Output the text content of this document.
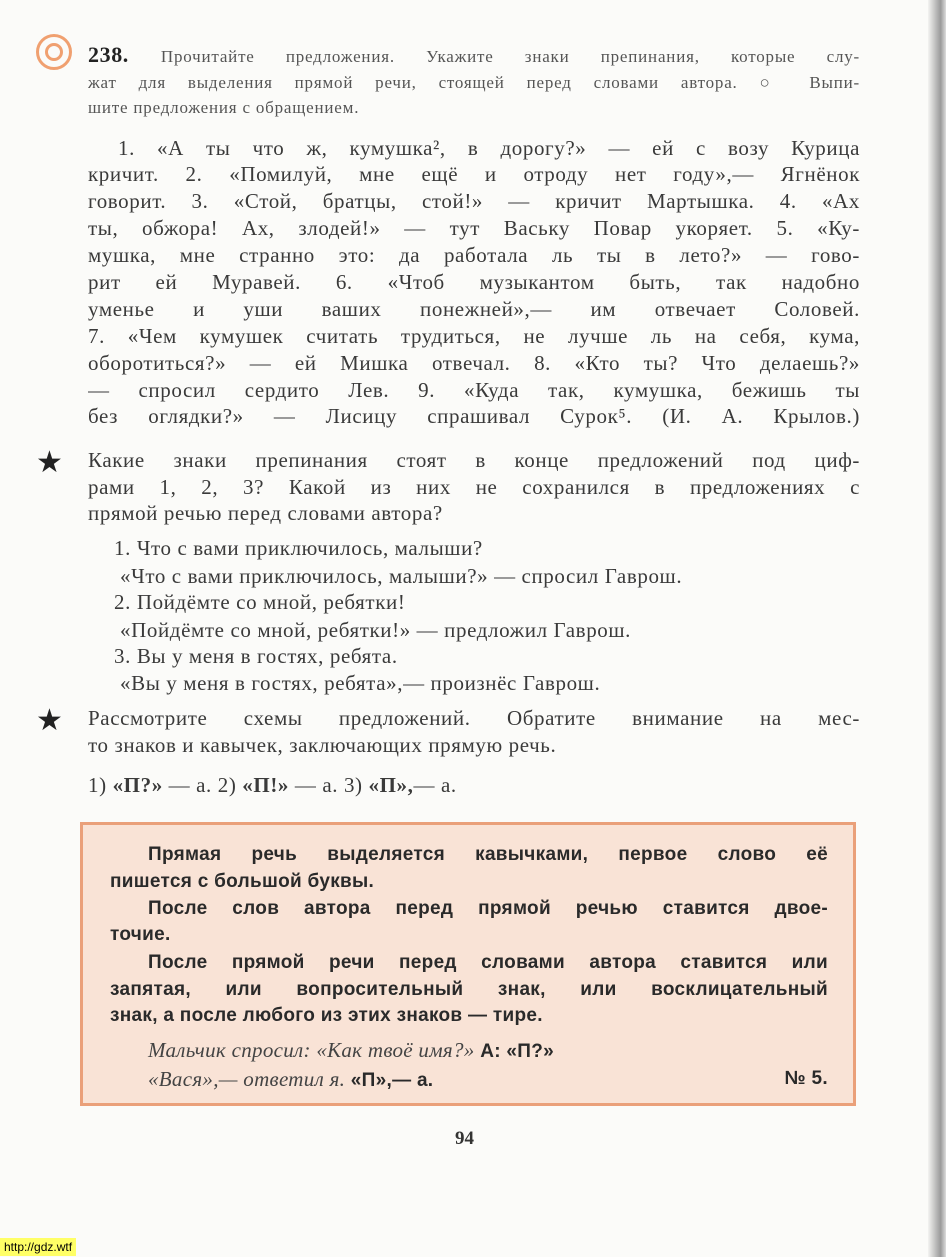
238. Прочитайте предложения. Укажите знаки препинания, которые слу-
жат для выделения прямой речи, стоящей перед словами автора. ○ Выпи-
шите предложения с обращением.
1. «А ты что ж, кумушка², в дорогу?» — ей с возу Курица
кричит. 2. «Помилуй, мне ещё и отроду нет году»,— Ягнёнок
говорит. 3. «Стой, братцы, стой!» — кричит Мартышка. 4. «Ах
ты, обжора! Ах, злодей!» — тут Ваську Повар укоряет. 5. «Ку-
мушка, мне странно это: да работала ль ты в лето?» — гово-
рит ей Муравей. 6. «Чтоб музыкантом быть, так надобно
уменье и уши ваших понежней»,— им отвечает Соловей.
7. «Чем кумушек считать трудиться, не лучше ль на себя, кума,
оборотиться?» — ей Мишка отвечал. 8. «Кто ты? Что делаешь?»
— спросил сердито Лев. 9. «Куда так, кумушка, бежишь ты
без оглядки?» — Лисицу спрашивал Сурок⁵. (И. А. Крылов.)
★ Какие знаки препинания стоят в конце предложений под циф-
рами 1, 2, 3? Какой из них не сохранился в предложениях с
прямой речью перед словами автора?
1. Что с вами приключилось, малыши?
«Что с вами приключилось, малыши?» — спросил Гаврош.
2. Пойдёмте со мной, ребятки!
«Пойдёмте со мной, ребятки!» — предложил Гаврош.
3. Вы у меня в гостях, ребята.
«Вы у меня в гостях, ребята»,— произнёс Гаврош.
★ Рассмотрите схемы предложений. Обратите внимание на мес-
то знаков и кавычек, заключающих прямую речь.
1) «П?» — а. 2) «П!» — а. 3) «П»,— а.
Прямая речь выделяется кавычками, первое слово её
пишется с большой буквы.
После слов автора перед прямой речью ставится двое-
точие.
После прямой речи перед словами автора ставится или
запятая, или вопросительный знак, или восклицательный
знак, а после любого из этих знаков — тире.
Мальчик спросил: «Как твоё имя?» А: «П?»
«Вася»,— ответил я. «П»,— а.	№ 5.
94
http://gdz.wtf
